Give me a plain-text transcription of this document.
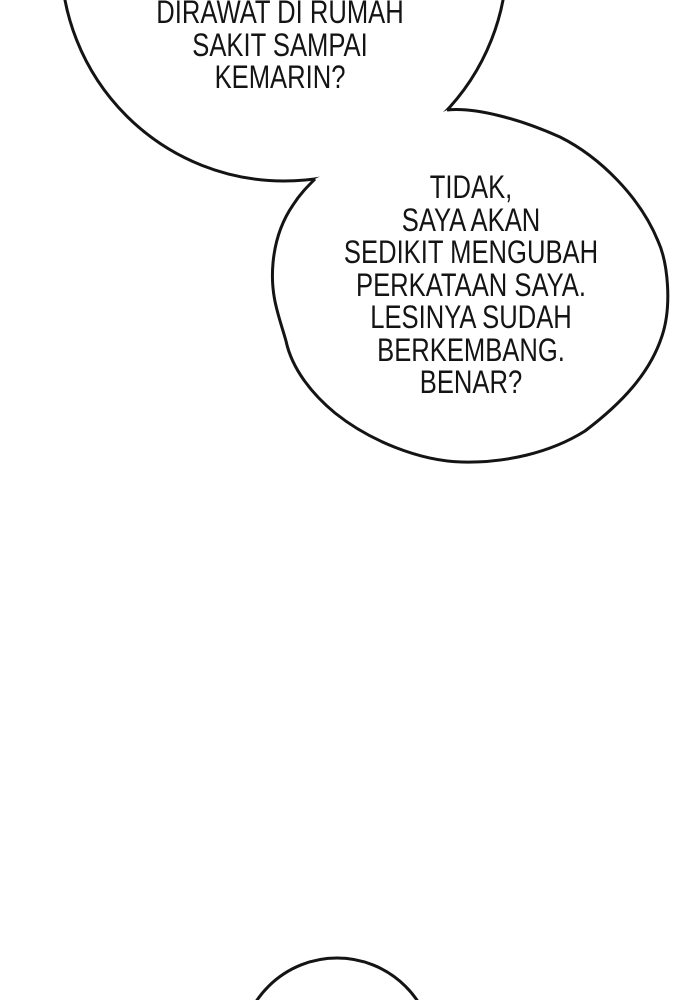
DIRAWAT DI RUMAH
SAKIT SAMPAI
KEMARIN?
TIDAK,
SAYA AKAN
SEDIKIT MENGUBAH
PERKATAAN SAYA.
LESINYA SUDAH
BERKEMBANG.
BENAR?
